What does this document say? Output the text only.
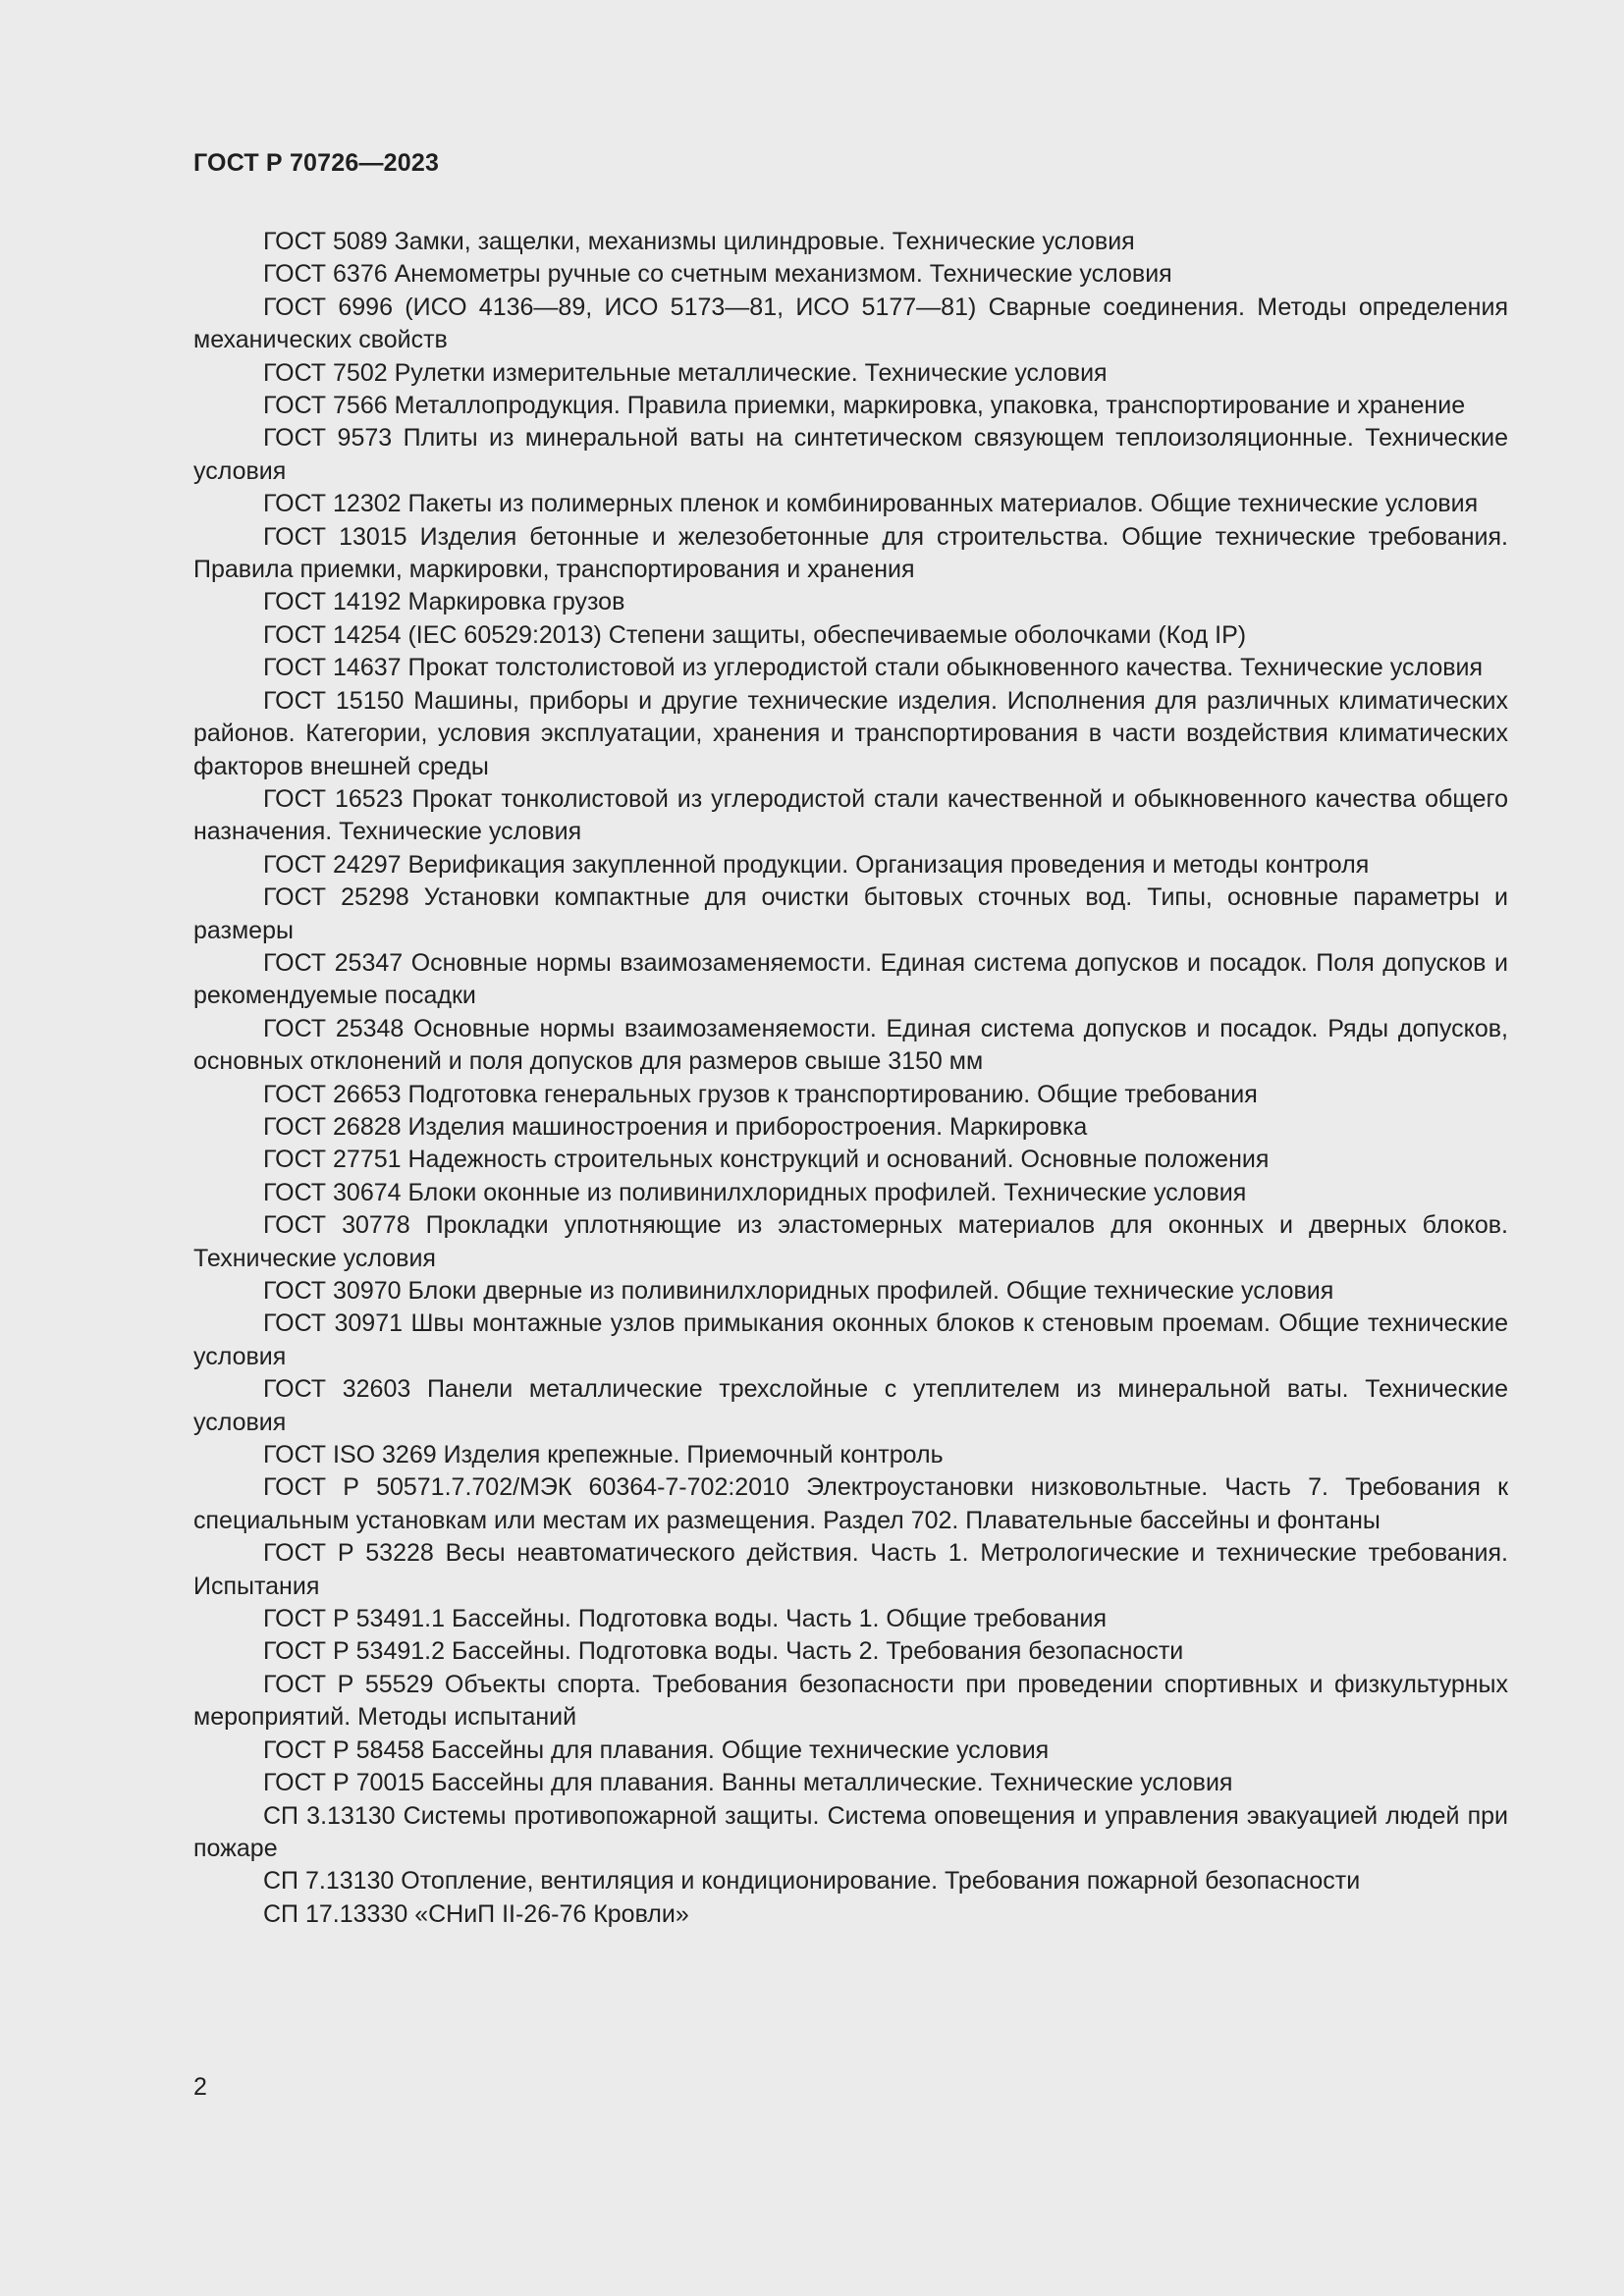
ГОСТ Р 70726—2023
ГОСТ 5089 Замки, защелки, механизмы цилиндровые. Технические условия
ГОСТ 6376 Анемометры ручные со счетным механизмом. Технические условия
ГОСТ 6996 (ИСО 4136—89, ИСО 5173—81, ИСО 5177—81) Сварные соединения. Методы определения механических свойств
ГОСТ 7502 Рулетки измерительные металлические. Технические условия
ГОСТ 7566 Металлопродукция. Правила приемки, маркировка, упаковка, транспортирование и хранение
ГОСТ 9573 Плиты из минеральной ваты на синтетическом связующем теплоизоляционные. Технические условия
ГОСТ 12302 Пакеты из полимерных пленок и комбинированных материалов. Общие технические условия
ГОСТ 13015 Изделия бетонные и железобетонные для строительства. Общие технические требования. Правила приемки, маркировки, транспортирования и хранения
ГОСТ 14192 Маркировка грузов
ГОСТ 14254 (IEC 60529:2013) Степени защиты, обеспечиваемые оболочками (Код IP)
ГОСТ 14637 Прокат толстолистовой из углеродистой стали обыкновенного качества. Технические условия
ГОСТ 15150 Машины, приборы и другие технические изделия. Исполнения для различных климатических районов. Категории, условия эксплуатации, хранения и транспортирования в части воздействия климатических факторов внешней среды
ГОСТ 16523 Прокат тонколистовой из углеродистой стали качественной и обыкновенного качества общего назначения. Технические условия
ГОСТ 24297 Верификация закупленной продукции. Организация проведения и методы контроля
ГОСТ 25298 Установки компактные для очистки бытовых сточных вод. Типы, основные параметры и размеры
ГОСТ 25347 Основные нормы взаимозаменяемости. Единая система допусков и посадок. Поля допусков и рекомендуемые посадки
ГОСТ 25348 Основные нормы взаимозаменяемости. Единая система допусков и посадок. Ряды допусков, основных отклонений и поля допусков для размеров свыше 3150 мм
ГОСТ 26653 Подготовка генеральных грузов к транспортированию. Общие требования
ГОСТ 26828 Изделия машиностроения и приборостроения. Маркировка
ГОСТ 27751 Надежность строительных конструкций и оснований. Основные положения
ГОСТ 30674 Блоки оконные из поливинилхлоридных профилей. Технические условия
ГОСТ 30778 Прокладки уплотняющие из эластомерных материалов для оконных и дверных блоков. Технические условия
ГОСТ 30970 Блоки дверные из поливинилхлоридных профилей. Общие технические условия
ГОСТ 30971 Швы монтажные узлов примыкания оконных блоков к стеновым проемам. Общие технические условия
ГОСТ 32603 Панели металлические трехслойные с утеплителем из минеральной ваты. Технические условия
ГОСТ ISO 3269 Изделия крепежные. Приемочный контроль
ГОСТ Р 50571.7.702/МЭК 60364-7-702:2010 Электроустановки низковольтные. Часть 7. Требования к специальным установкам или местам их размещения. Раздел 702. Плавательные бассейны и фонтаны
ГОСТ Р 53228 Весы неавтоматического действия. Часть 1. Метрологические и технические требования. Испытания
ГОСТ Р 53491.1 Бассейны. Подготовка воды. Часть 1. Общие требования
ГОСТ Р 53491.2 Бассейны. Подготовка воды. Часть 2. Требования безопасности
ГОСТ Р 55529 Объекты спорта. Требования безопасности при проведении спортивных и физкультурных мероприятий. Методы испытаний
ГОСТ Р 58458 Бассейны для плавания. Общие технические условия
ГОСТ Р 70015 Бассейны для плавания. Ванны металлические. Технические условия
СП 3.13130 Системы противопожарной защиты. Система оповещения и управления эвакуацией людей при пожаре
СП 7.13130 Отопление, вентиляция и кондиционирование. Требования пожарной безопасности
СП 17.13330 «СНиП II-26-76 Кровли»
2
